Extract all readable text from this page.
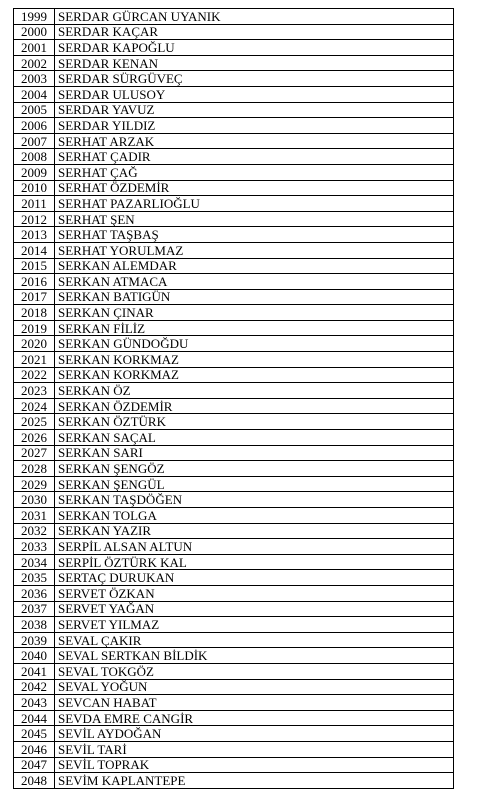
1999	SERDAR GÜRCAN UYANIK
2000	SERDAR KAÇAR
2001	SERDAR KAPOĞLU
2002	SERDAR KENAN
2003	SERDAR SÜRGÜVEÇ
2004	SERDAR ULUSOY
2005	SERDAR YAVUZ
2006	SERDAR YILDIZ
2007	SERHAT ARZAK
2008	SERHAT ÇADIR
2009	SERHAT ÇAĞ
2010	SERHAT ÖZDEMİR
2011	SERHAT PAZARLIOĞLU
2012	SERHAT ŞEN
2013	SERHAT TAŞBAŞ
2014	SERHAT YORULMAZ
2015	SERKAN ALEMDAR
2016	SERKAN ATMACA
2017	SERKAN BATIGÜN
2018	SERKAN ÇINAR
2019	SERKAN FİLİZ
2020	SERKAN GÜNDOĞDU
2021	SERKAN KORKMAZ
2022	SERKAN KORKMAZ
2023	SERKAN ÖZ
2024	SERKAN ÖZDEMİR
2025	SERKAN ÖZTÜRK
2026	SERKAN SAÇAL
2027	SERKAN SARI
2028	SERKAN ŞENGÖZ
2029	SERKAN ŞENGÜL
2030	SERKAN TAŞDÖĞEN
2031	SERKAN TOLGA
2032	SERKAN YAZIR
2033	SERPİL ALSAN ALTUN
2034	SERPİL ÖZTÜRK KAL
2035	SERTAÇ DURUKAN
2036	SERVET ÖZKAN
2037	SERVET YAĞAN
2038	SERVET YILMAZ
2039	SEVAL ÇAKIR
2040	SEVAL SERTKAN BİLDİK
2041	SEVAL TOKGÖZ
2042	SEVAL YOĞUN
2043	SEVCAN HABAT
2044	SEVDA EMRE CANGİR
2045	SEVİL AYDOĞAN
2046	SEVİL TARİ
2047	SEVİL TOPRAK
2048	SEVİM KAPLANTEPE
